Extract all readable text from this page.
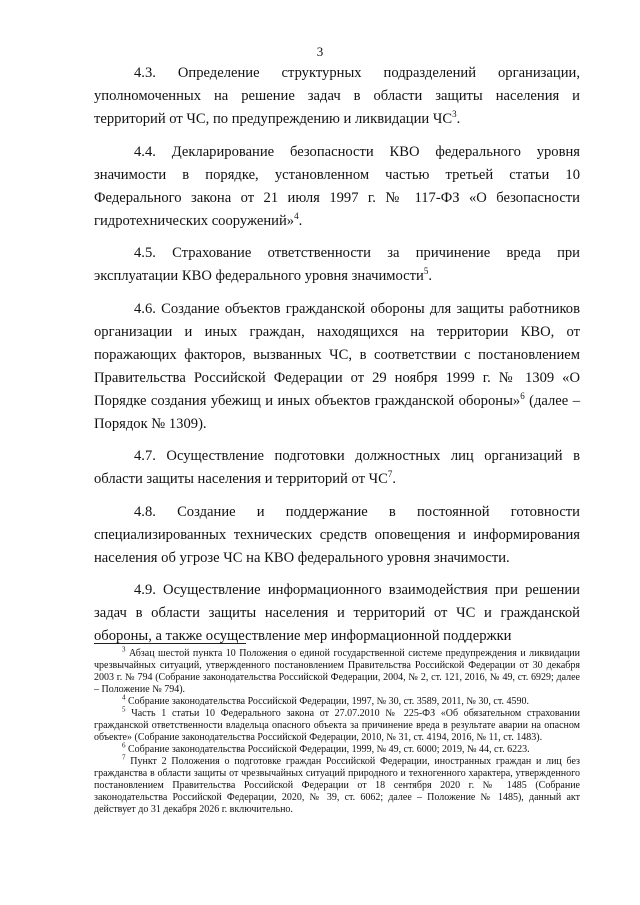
3

4.3. Определение структурных подразделений организации, уполномоченных на решение задач в области защиты населения и территорий от ЧС, по предупреждению и ликвидации $ЧС^3$.

4.4. Декларирование безопасности КВО федерального уровня значимости в порядке, установленном частью третьей статьи 10 Федерального закона от 21 июля 1997 г. № 117-ФЗ «О безопасности гидротехнических сооружений»$^4$.

4.5. Страхование ответственности за причинение вреда при эксплуатации КВО федерального уровня значимости$^5$.

4.6. Создание объектов гражданской обороны для защиты работников организации и иных граждан, находящихся на территории КВО, от поражающих факторов, вызванных ЧС, в соответствии с постановлением Правительства Российской Федерации от 29 ноября 1999 г. № 1309 «О Порядке создания убежищ и иных объектов гражданской обороны»$^6$ (далее – Порядок № 1309).

4.7. Осуществление подготовки должностных лиц организаций в области защиты населения и территорий от $ЧС^7$.

4.8. Создание и поддержание в постоянной готовности специализированных технических средств оповещения и информирования населения об угрозе ЧС на КВО федерального уровня значимости.

4.9. Осуществление информационного взаимодействия при решении задач в области защиты населения и территорий от ЧС и гражданской обороны, а также осуществление мер информационной поддержки

$^3$ Абзац шестой пункта 10 Положения о единой государственной системе предупреждения и ликвидации чрезвычайных ситуаций, утвержденного постановлением Правительства Российской Федерации от 30 декабря 2003 г. № 794 (Собрание законодательства Российской Федерации, 2004, № 2, ст. 121, 2016, № 49, ст. 6929; далее – Положение № 794).

$^4$ Собрание законодательства Российской Федерации, 1997, № 30, ст. 3589, 2011, № 30, ст. 4590.

$^5$ Часть 1 статьи 10 Федерального закона от 27.07.2010 № 225-ФЗ «Об обязательном страховании гражданской ответственности владельца опасного объекта за причинение вреда в результате аварии на опасном объекте» (Собрание законодательства Российской Федерации, 2010, № 31, ст. 4194, 2016, № 11, ст. 1483).

$^6$ Собрание законодательства Российской Федерации, 1999, № 49, ст. 6000; 2019, № 44, ст. 6223.

$^7$ Пункт 2 Положения о подготовке граждан Российской Федерации, иностранных граждан и лиц без гражданства в области защиты от чрезвычайных ситуаций природного и техногенного характера, утвержденного постановлением Правительства Российской Федерации от 18 сентября 2020 г. № 1485 (Собрание законодательства Российской Федерации, 2020, № 39, ст. 6062; далее – Положение № 1485), данный акт действует до 31 декабря 2026 г. включительно.
